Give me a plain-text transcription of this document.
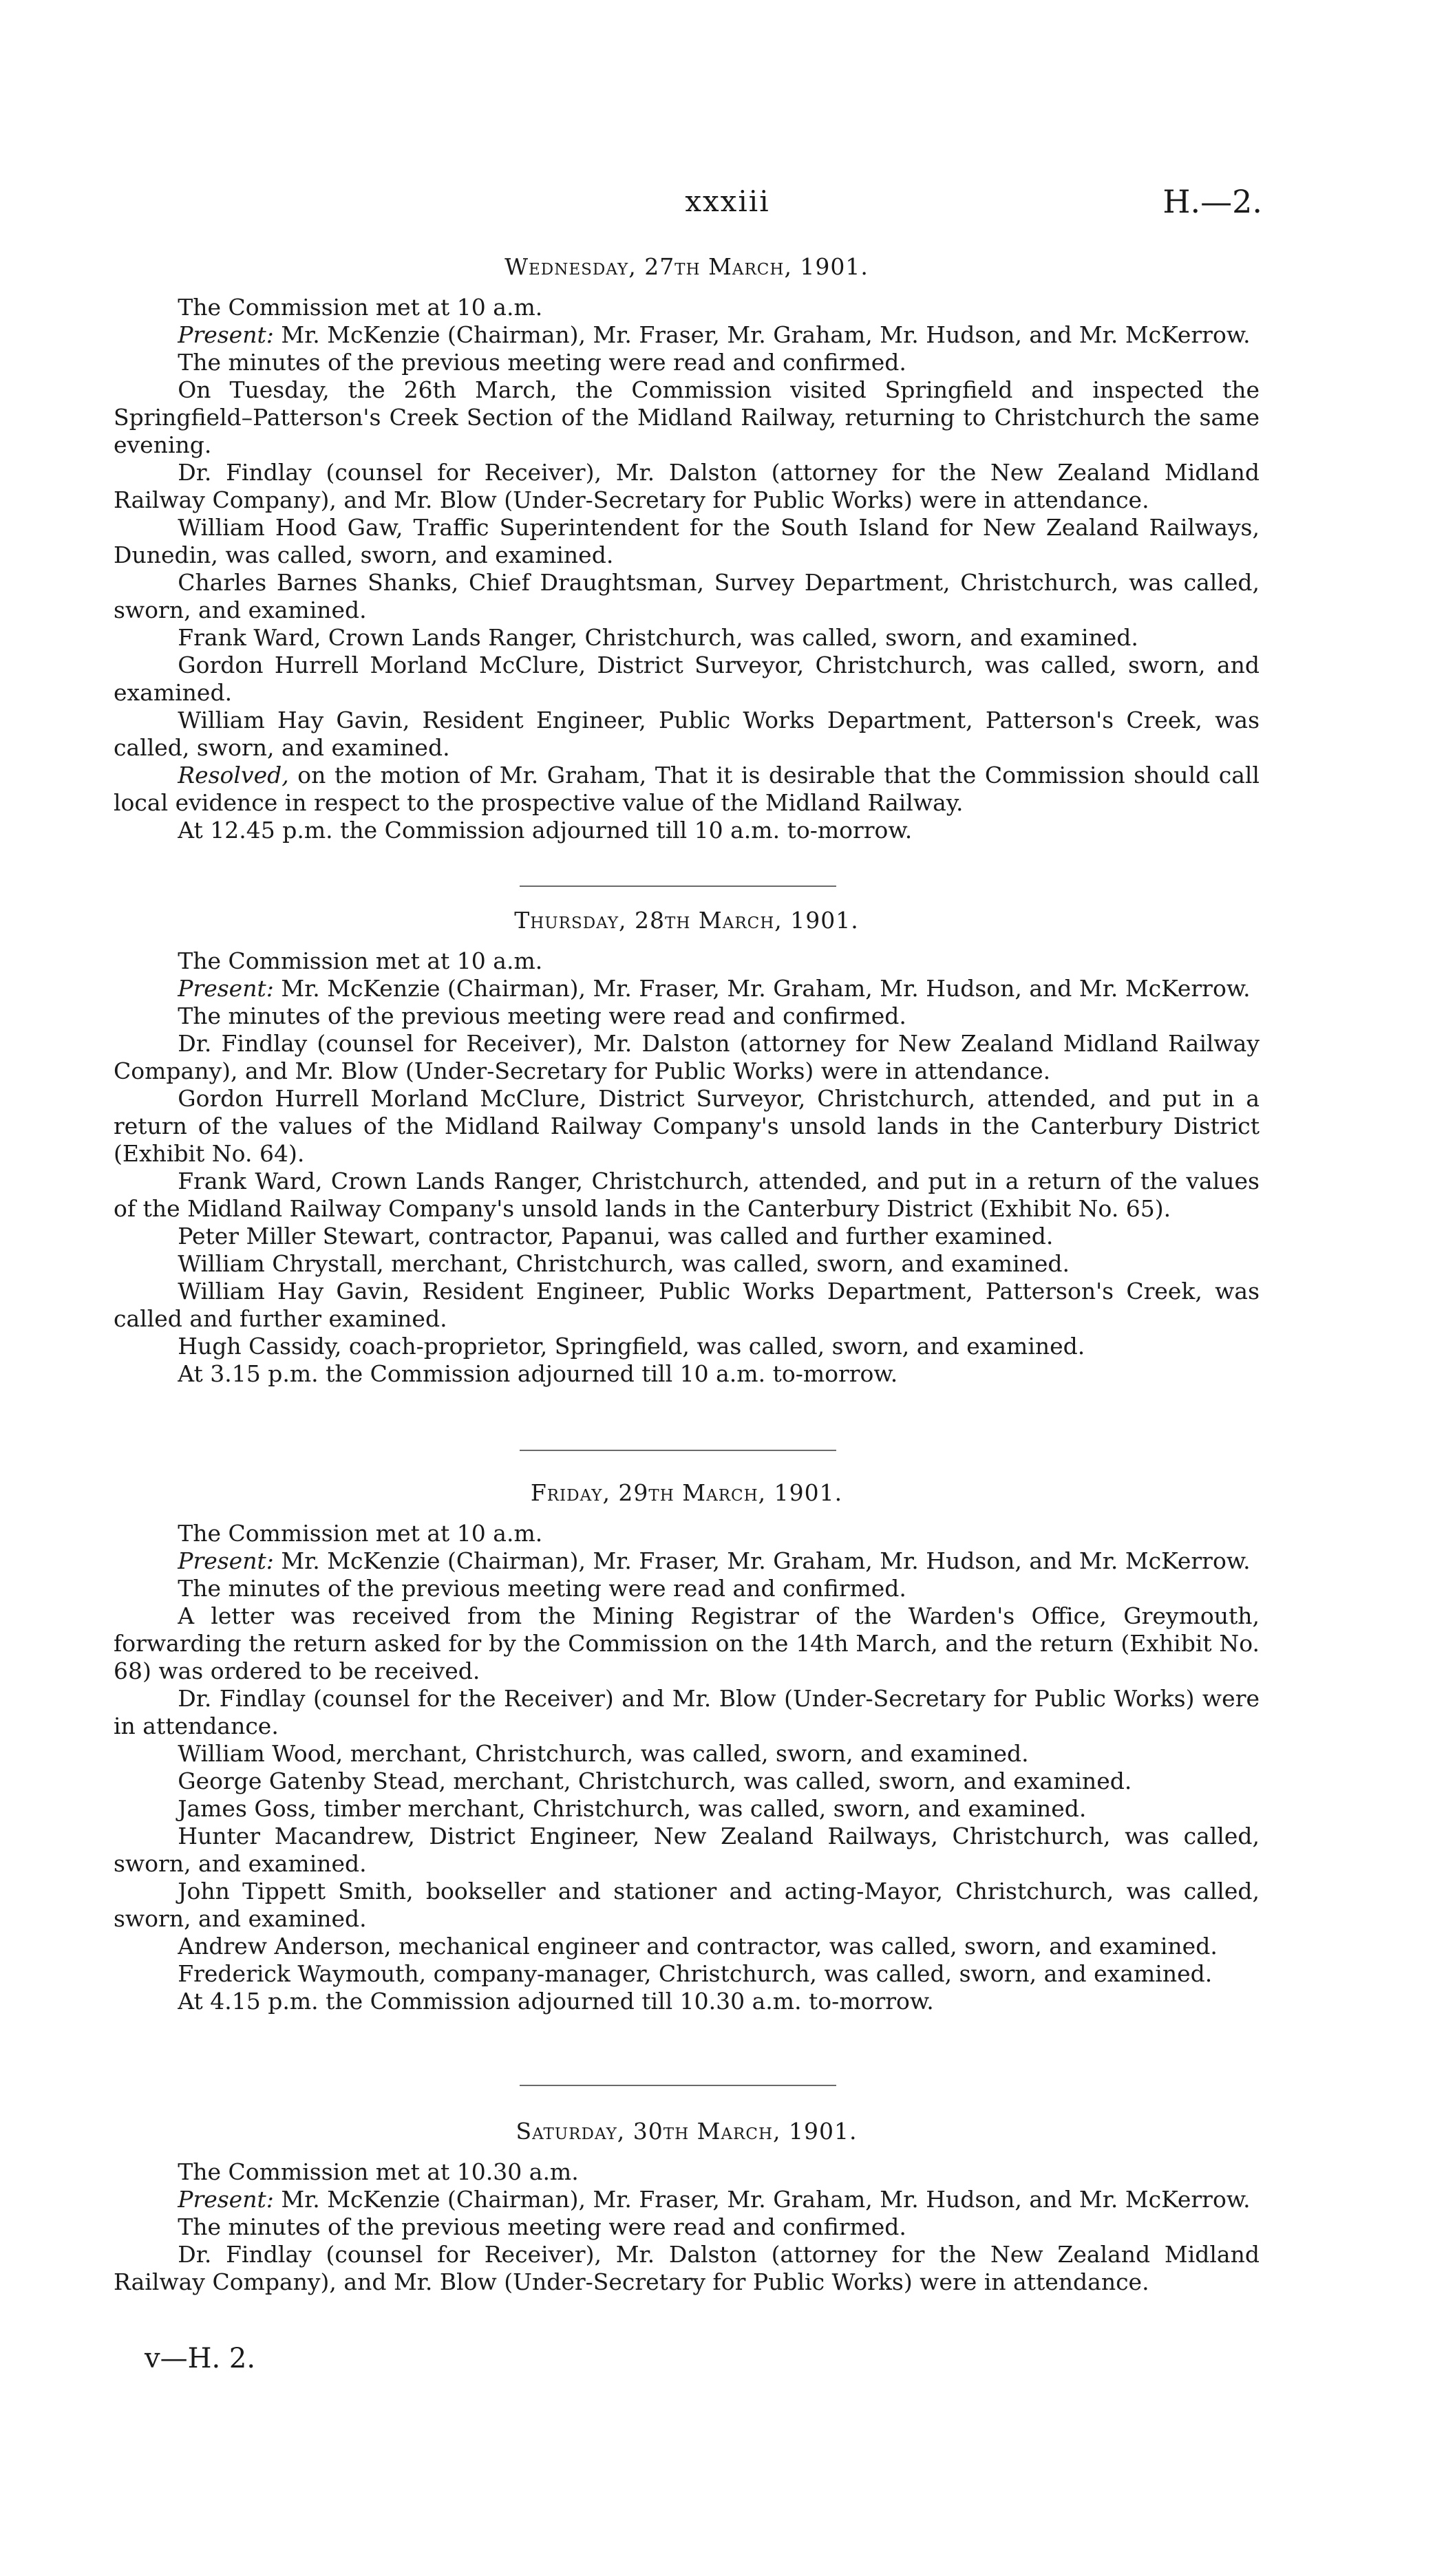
xxxiii	H.—2.
Wednesday, 27th March, 1901.

The Commission met at 10 a.m.

Present: Mr. McKenzie (Chairman), Mr. Fraser, Mr. Graham, Mr. Hudson, and Mr. McKerrow.

The minutes of the previous meeting were read and confirmed.

On Tuesday, the 26th March, the Commission visited Springfield and inspected the Springfield–Patterson's Creek Section of the Midland Railway, returning to Christchurch the same evening.

Dr. Findlay (counsel for Receiver), Mr. Dalston (attorney for the New Zealand Midland Railway Company), and Mr. Blow (Under-Secretary for Public Works) were in attendance.

William Hood Gaw, Traffic Superintendent for the South Island for New Zealand Railways, Dunedin, was called, sworn, and examined.

Charles Barnes Shanks, Chief Draughtsman, Survey Department, Christchurch, was called, sworn, and examined.

Frank Ward, Crown Lands Ranger, Christchurch, was called, sworn, and examined.

Gordon Hurrell Morland McClure, District Surveyor, Christchurch, was called, sworn, and examined.

William Hay Gavin, Resident Engineer, Public Works Department, Patterson's Creek, was called, sworn, and examined.

Resolved, on the motion of Mr. Graham, That it is desirable that the Commission should call local evidence in respect to the prospective value of the Midland Railway.

At 12.45 p.m. the Commission adjourned till 10 a.m. to-morrow.

Thursday, 28th March, 1901.

The Commission met at 10 a.m.

Present: Mr. McKenzie (Chairman), Mr. Fraser, Mr. Graham, Mr. Hudson, and Mr. McKerrow.

The minutes of the previous meeting were read and confirmed.

Dr. Findlay (counsel for Receiver), Mr. Dalston (attorney for New Zealand Midland Railway Company), and Mr. Blow (Under-Secretary for Public Works) were in attendance.

Gordon Hurrell Morland McClure, District Surveyor, Christchurch, attended, and put in a return of the values of the Midland Railway Company's unsold lands in the Canterbury District (Exhibit No. 64).

Frank Ward, Crown Lands Ranger, Christchurch, attended, and put in a return of the values of the Midland Railway Company's unsold lands in the Canterbury District (Exhibit No. 65).

Peter Miller Stewart, contractor, Papanui, was called and further examined.

William Chrystall, merchant, Christchurch, was called, sworn, and examined.

William Hay Gavin, Resident Engineer, Public Works Department, Patterson's Creek, was called and further examined.

Hugh Cassidy, coach-proprietor, Springfield, was called, sworn, and examined.

At 3.15 p.m. the Commission adjourned till 10 a.m. to-morrow.

Friday, 29th March, 1901.

The Commission met at 10 a.m.

Present: Mr. McKenzie (Chairman), Mr. Fraser, Mr. Graham, Mr. Hudson, and Mr. McKerrow.

The minutes of the previous meeting were read and confirmed.

A letter was received from the Mining Registrar of the Warden's Office, Greymouth, forwarding the return asked for by the Commission on the 14th March, and the return (Exhibit No. 68) was ordered to be received.

Dr. Findlay (counsel for the Receiver) and Mr. Blow (Under-Secretary for Public Works) were in attendance.

William Wood, merchant, Christchurch, was called, sworn, and examined.

George Gatenby Stead, merchant, Christchurch, was called, sworn, and examined.

James Goss, timber merchant, Christchurch, was called, sworn, and examined.

Hunter Macandrew, District Engineer, New Zealand Railways, Christchurch, was called, sworn, and examined.

John Tippett Smith, bookseller and stationer and acting-Mayor, Christchurch, was called, sworn, and examined.

Andrew Anderson, mechanical engineer and contractor, was called, sworn, and examined.

Frederick Waymouth, company-manager, Christchurch, was called, sworn, and examined.

At 4.15 p.m. the Commission adjourned till 10.30 a.m. to-morrow.

Saturday, 30th March, 1901.

The Commission met at 10.30 a.m.

Present: Mr. McKenzie (Chairman), Mr. Fraser, Mr. Graham, Mr. Hudson, and Mr. McKerrow.

The minutes of the previous meeting were read and confirmed.

Dr. Findlay (counsel for Receiver), Mr. Dalston (attorney for the New Zealand Midland Railway Company), and Mr. Blow (Under-Secretary for Public Works) were in attendance.

v—H. 2.
